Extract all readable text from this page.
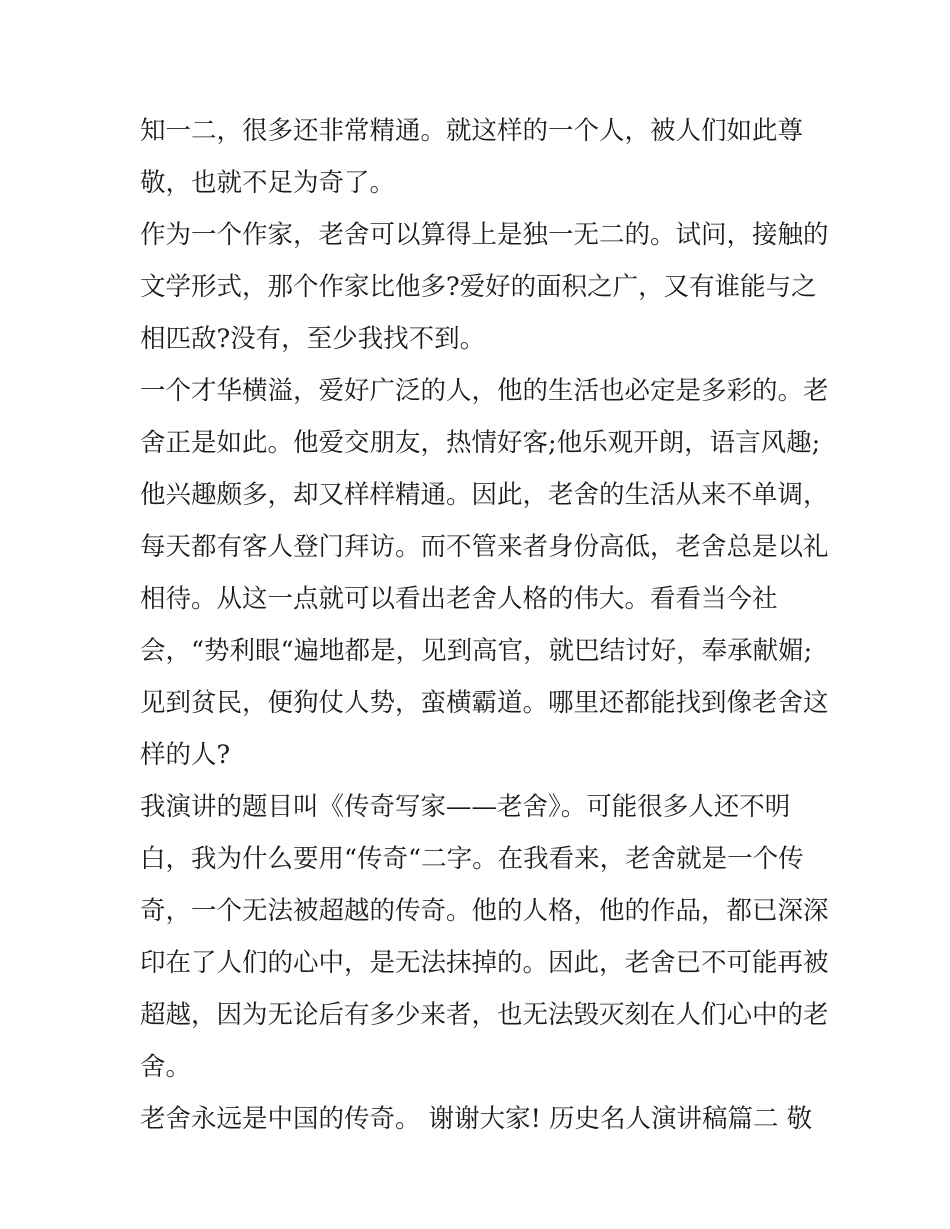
知一二，很多还非常精通。就这样的一个人，被人们如此尊
敬，也就不足为奇了。
作为一个作家，老舍可以算得上是独一无二的。试问，接触的
文学形式，那个作家比他多?爱好的面积之广，又有谁能与之
相匹敌?没有，至少我找不到。
一个才华横溢，爱好广泛的人，他的生活也必定是多彩的。老
舍正是如此。他爱交朋友，热情好客;他乐观开朗，语言风趣;
他兴趣颇多，却又样样精通。因此，老舍的生活从来不单调，
每天都有客人登门拜访。而不管来者身份高低，老舍总是以礼
相待。从这一点就可以看出老舍人格的伟大。看看当今社
会，“势利眼“遍地都是，见到高官，就巴结讨好，奉承献媚;
见到贫民，便狗仗人势，蛮横霸道。哪里还都能找到像老舍这
样的人?
我演讲的题目叫《传奇写家——老舍》。可能很多人还不明
白，我为什么要用“传奇“二字。在我看来，老舍就是一个传
奇，一个无法被超越的传奇。他的人格，他的作品，都已深深
印在了人们的心中，是无法抹掉的。因此，老舍已不可能再被
超越，因为无论后有多少来者，也无法毁灭刻在人们心中的老
舍。
老舍永远是中国的传奇。 谢谢大家! 历史名人演讲稿篇二 敬
